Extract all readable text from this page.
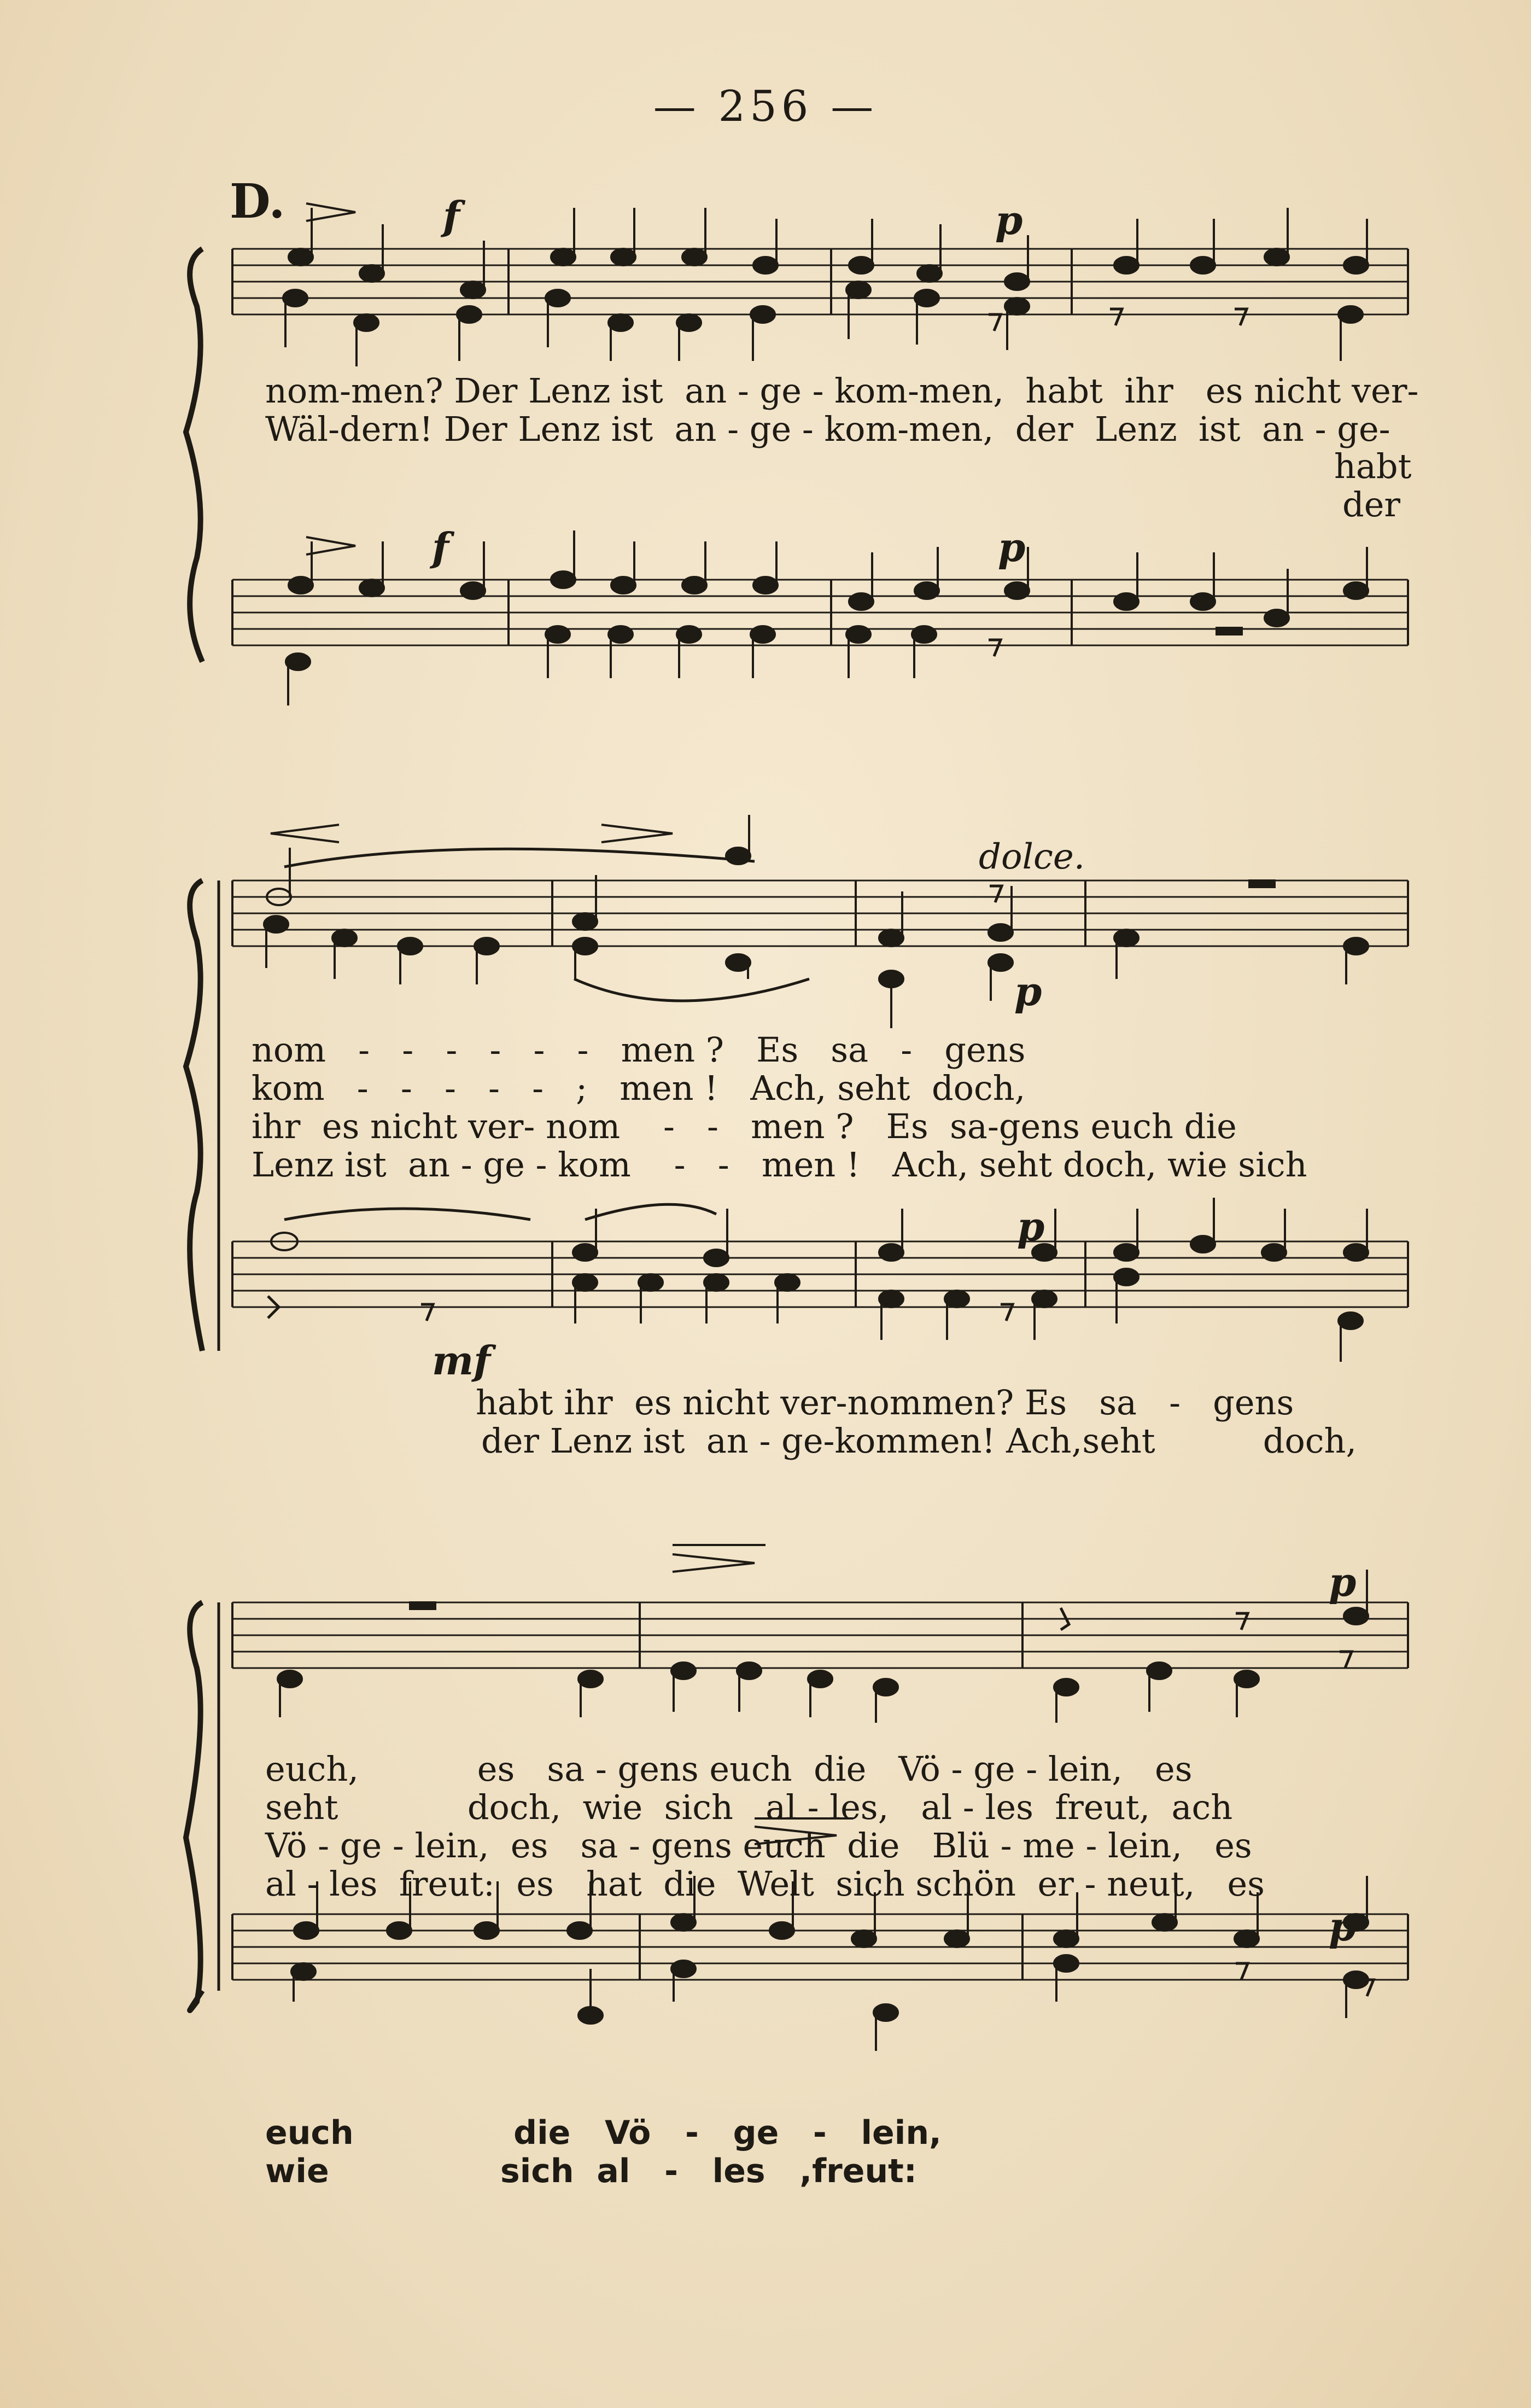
— 256 —
D.	f	p
f	p
nom-men? Der Lenz ist  an - ge - kom-men,  habt  ihr   es nicht ver-
Wäl-dern! Der Lenz ist  an - ge - kom-men,  der  Lenz  ist  an - ge-
habt
der
dolce.
p
mf
p
nom   -   -   -   -   -   -   men ?   Es   sa   -   gens
kom   -   -   -   -   -   ;   men !   Ach, seht  doch,
ihr  es nicht ver- nom    -   -   men ?   Es  sa-gens euch die
Lenz ist  an - ge - kom    -   -   men !   Ach, seht doch, wie sich
habt ihr  es nicht ver-nommen? Es   sa   -   gens
der Lenz ist  an - ge-kommen! Ach,seht          doch,
p
p
euch,           es   sa - gens euch  die   Vö - ge - lein,   es
seht            doch,  wie  sich   al - les,   al - les  freut,  ach
Vö - ge - lein,  es   sa - gens euch  die   Blü - me - lein,   es
al - les  freut:  es   hat  die  Welt  sich schön  er - neut,   es
euch              die   Vö   -   ge   -   lein,
wie               sich  al   -   les   ,freut:
